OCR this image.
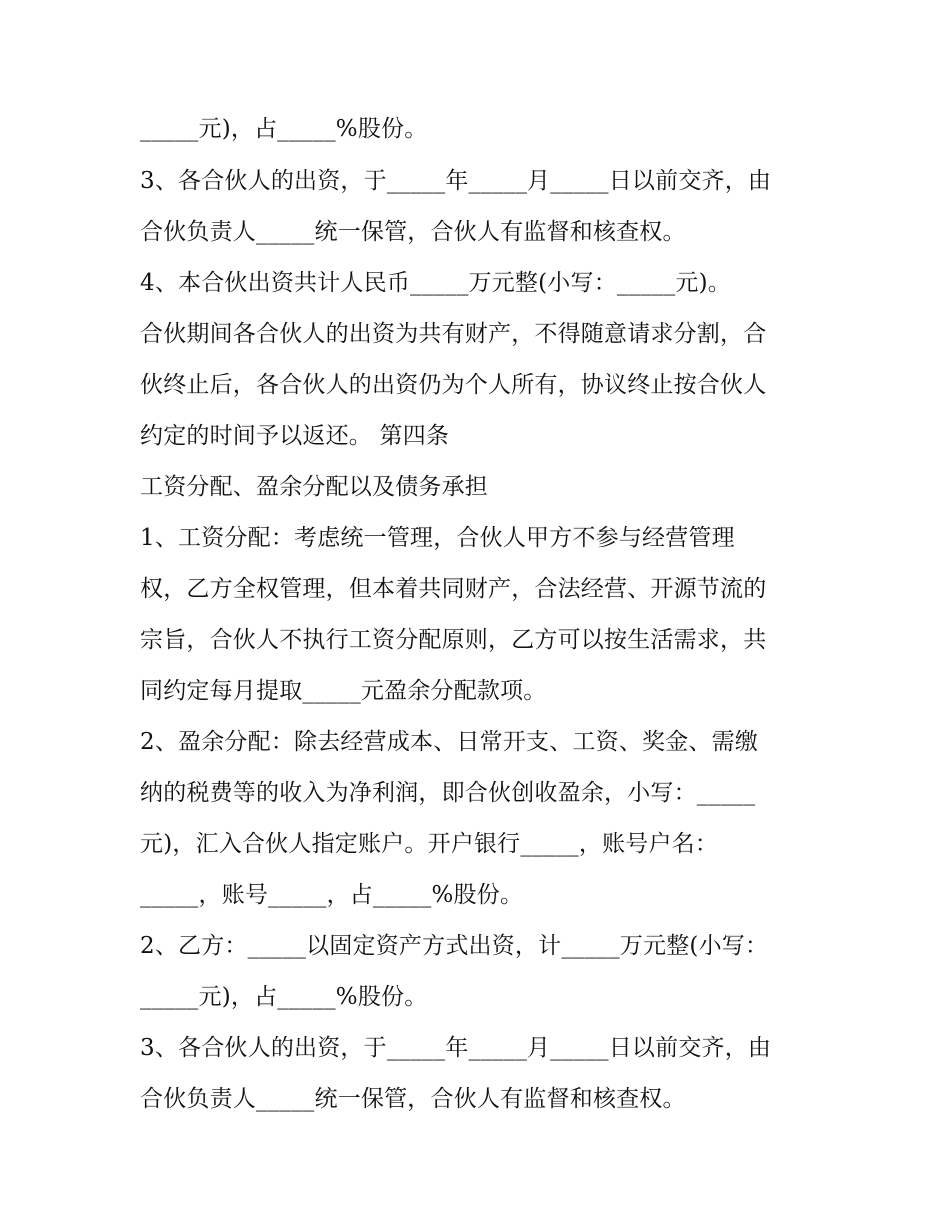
_____元)，占_____%股份。
3、各合伙人的出资，于_____年_____月_____日以前交齐，由
合伙负责人_____统一保管，合伙人有监督和核查权。
4、本合伙出资共计人民币_____万元整(小写：_____元)。
合伙期间各合伙人的出资为共有财产，不得随意请求分割，合
伙终止后，各合伙人的出资仍为个人所有，协议终止按合伙人
约定的时间予以返还。 第四条
工资分配、盈余分配以及债务承担
1、工资分配：考虑统一管理，合伙人甲方不参与经营管理
权，乙方全权管理，但本着共同财产，合法经营、开源节流的
宗旨，合伙人不执行工资分配原则，乙方可以按生活需求，共
同约定每月提取_____元盈余分配款项。
2、盈余分配：除去经营成本、日常开支、工资、奖金、需缴
纳的税费等的收入为净利润，即合伙创收盈余，小写：_____
元)，汇入合伙人指定账户。开户银行_____，账号户名：
_____，账号_____，占_____%股份。
2、乙方：_____以固定资产方式出资，计_____万元整(小写：
_____元)，占_____%股份。
3、各合伙人的出资，于_____年_____月_____日以前交齐，由
合伙负责人_____统一保管，合伙人有监督和核查权。
